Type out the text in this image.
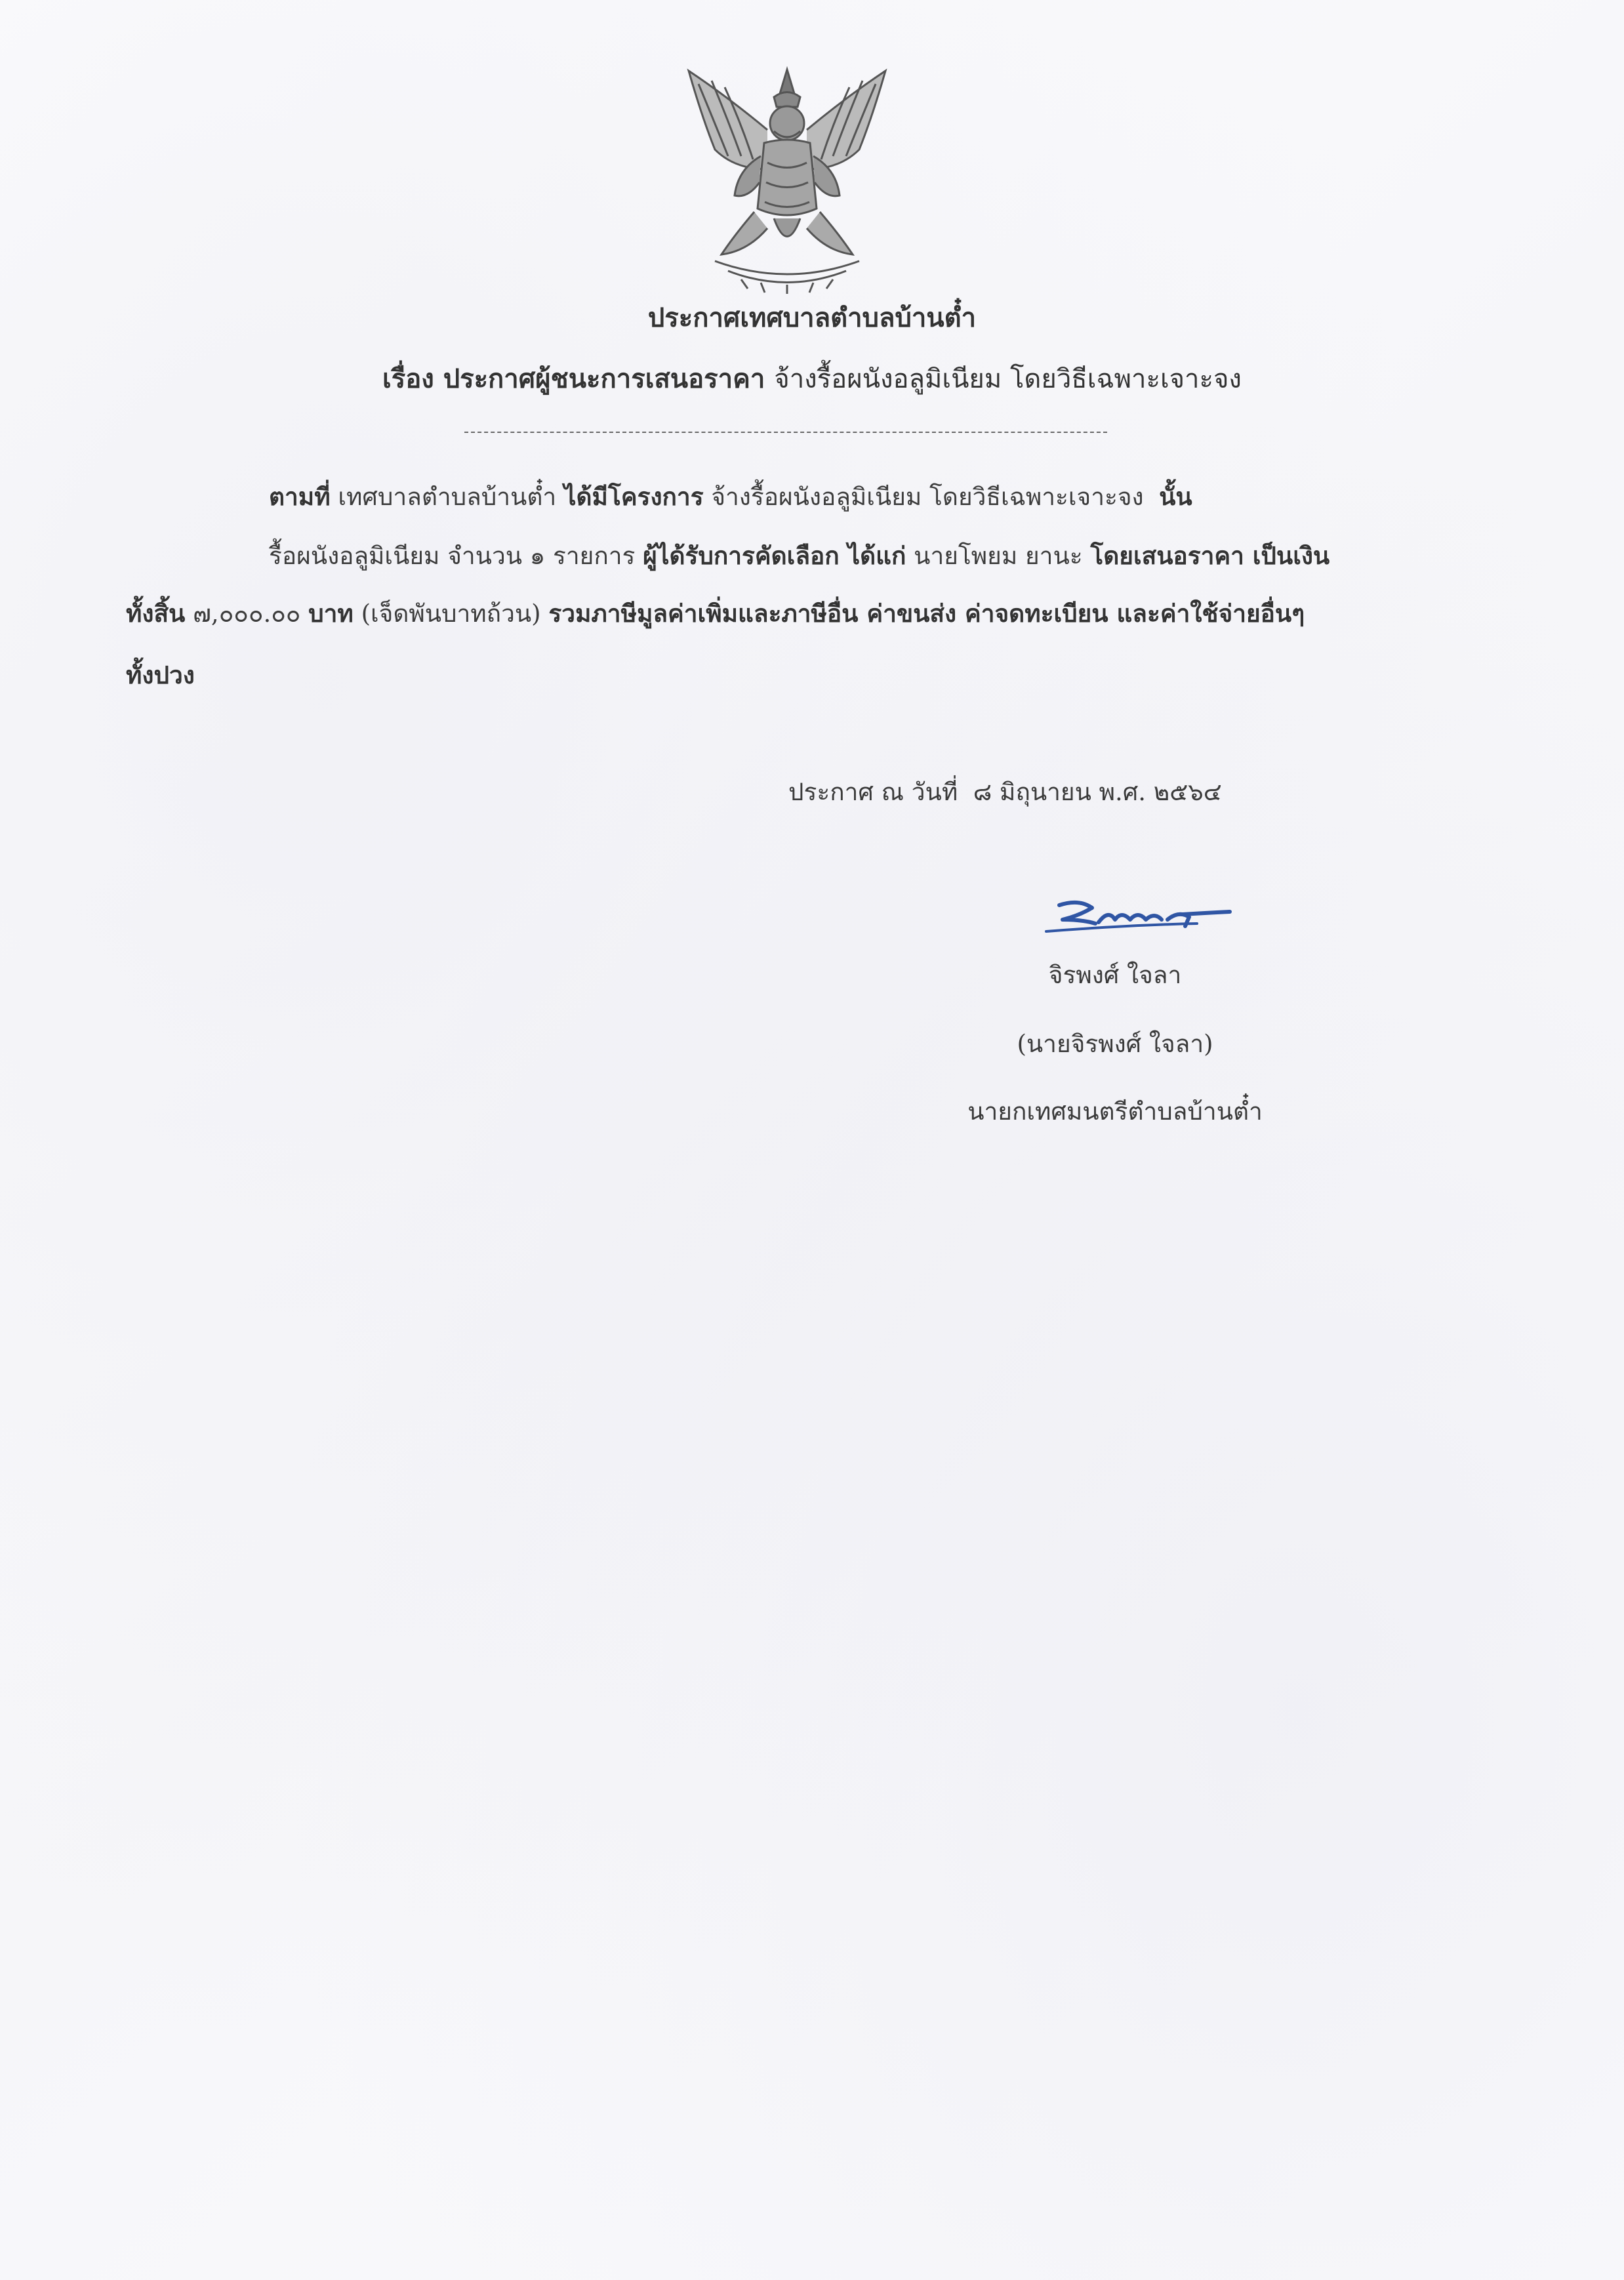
ประกาศเทศบาลตำบลบ้านต๋ำ
เรื่อง ประกาศผู้ชนะการเสนอราคา จ้างรื้อผนังอลูมิเนียม โดยวิธีเฉพาะเจาะจง
ตามที่ เทศบาลตำบลบ้านต๋ำ ได้มีโครงการ จ้างรื้อผนังอลูมิเนียม โดยวิธีเฉพาะเจาะจง นั้น
รื้อผนังอลูมิเนียม จำนวน ๑ รายการ ผู้ได้รับการคัดเลือก ได้แก่ นายโพยม ยานะ โดยเสนอราคา เป็นเงิน
ทั้งสิ้น ๗,๐๐๐.๐๐ บาท (เจ็ดพันบาทถ้วน) รวมภาษีมูลค่าเพิ่มและภาษีอื่น ค่าขนส่ง ค่าจดทะเบียน และค่าใช้จ่ายอื่นๆ
ทั้งปวง
ประกาศ ณ วันที่ ๘ มิถุนายน พ.ศ. ๒๕๖๔
จิรพงศ์ ใจลา
(นายจิรพงศ์ ใจลา)
นายกเทศมนตรีตำบลบ้านต๋ำ
